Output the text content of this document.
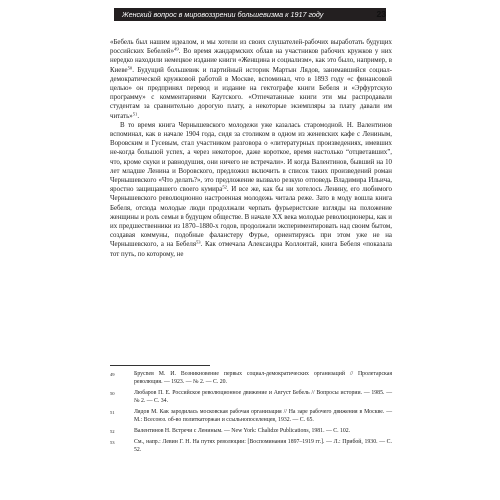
Женский вопрос в мировоззрении большевизма к 1917 году	23

«Бебель был нашим идеалом, и мы хотели из своих слушателей-рабочих выработать будущих российских Бебелей»$^{49}$. Во время жандармских облав на участников рабочих кружков у них нередко находили немецкое издание книги «Женщина и социализм», как это было, например, в Киеве$^{50}$. Будущий большевик и партийный историк Мартын Лядов, занимавшийся социал-демократической кружковой работой в Москве, вспоминал, что в 1893 году «с финансовой целью» он предпринял перевод и издание на гектографе книги Бебеля и «Эрфуртскую программу» с комментариями Каутского. «Отпечатанные книги эти мы распродавали студентам за сравнительно дорогую плату, а некоторые экземпляры за плату давали им читать»$^{51}$.

В то время книга Чернышевского молодежи уже казалась старомодной. Н. Валентинов вспоминал, как в начале 1904 года, сидя за столиком в одном из женевских кафе с Лениным, Воровским и Гусевым, стал участником разговора о «литературных произведениях, имевших не-когда большой успех, а через некоторое, даже короткое, время настолько “отцветавших”, что, кроме скуки и равнодушия, они ничего не встречали». И когда Валентинов, бывший на 10 лет младше Ленина и Воровского, предложил включить в список таких произведений роман Чернышевского «Что делать?», это предложение вызвало резкую отповедь Владимира Ильича, яростно защищавшего своего кумира$^{52}$. И все же, как бы ни хотелось Ленину, его любимого Чернышевского революционно настроенная молодежь читала реже. Зато в моду вошла книга Бебеля, отсюда молодые люди продолжали черпать фурьеристские взгляды на положение женщины и роль семьи в будущем обществе. В начале XX века молодые революционеры, как и их предшественники из 1870–1880-х годов, продолжали экспериментировать над своим бытом, создавая коммуны, подобные фаланстеру Фурье, ориентируясь при этом уже не на Чернышевского, а на Бебеля$^{53}$. Как отмечала Александра Коллонтай, книга Бебеля «показала тот путь, по которому, не

49	Брусnев М. И. Возникновение первых социал-демократических организаций // Пролетарская революция. — 1923. — № 2. — С. 20.
50	Любаров П. Е. Российское революционное движение и Август Бебель // Вопросы истории. — 1985. — № 2. — С. 34.
51	Лядов М. Как зародилась московская рабочая организация // На заре рабочего движения в Москве. — М.: Всесоюз. об-во политкаторжан и ссыльнопоселенцев, 1932. — С. 65.
52	Валентинов Н. Встречи с Лениным. — New York: Chalidze Publications, 1981. — С. 102.
53	См., напр.: Левин Г. Н. На путях революции: [Воспоминания 1897–1919 гг.]. — Л.: Прибой, 1930. — С. 52.
